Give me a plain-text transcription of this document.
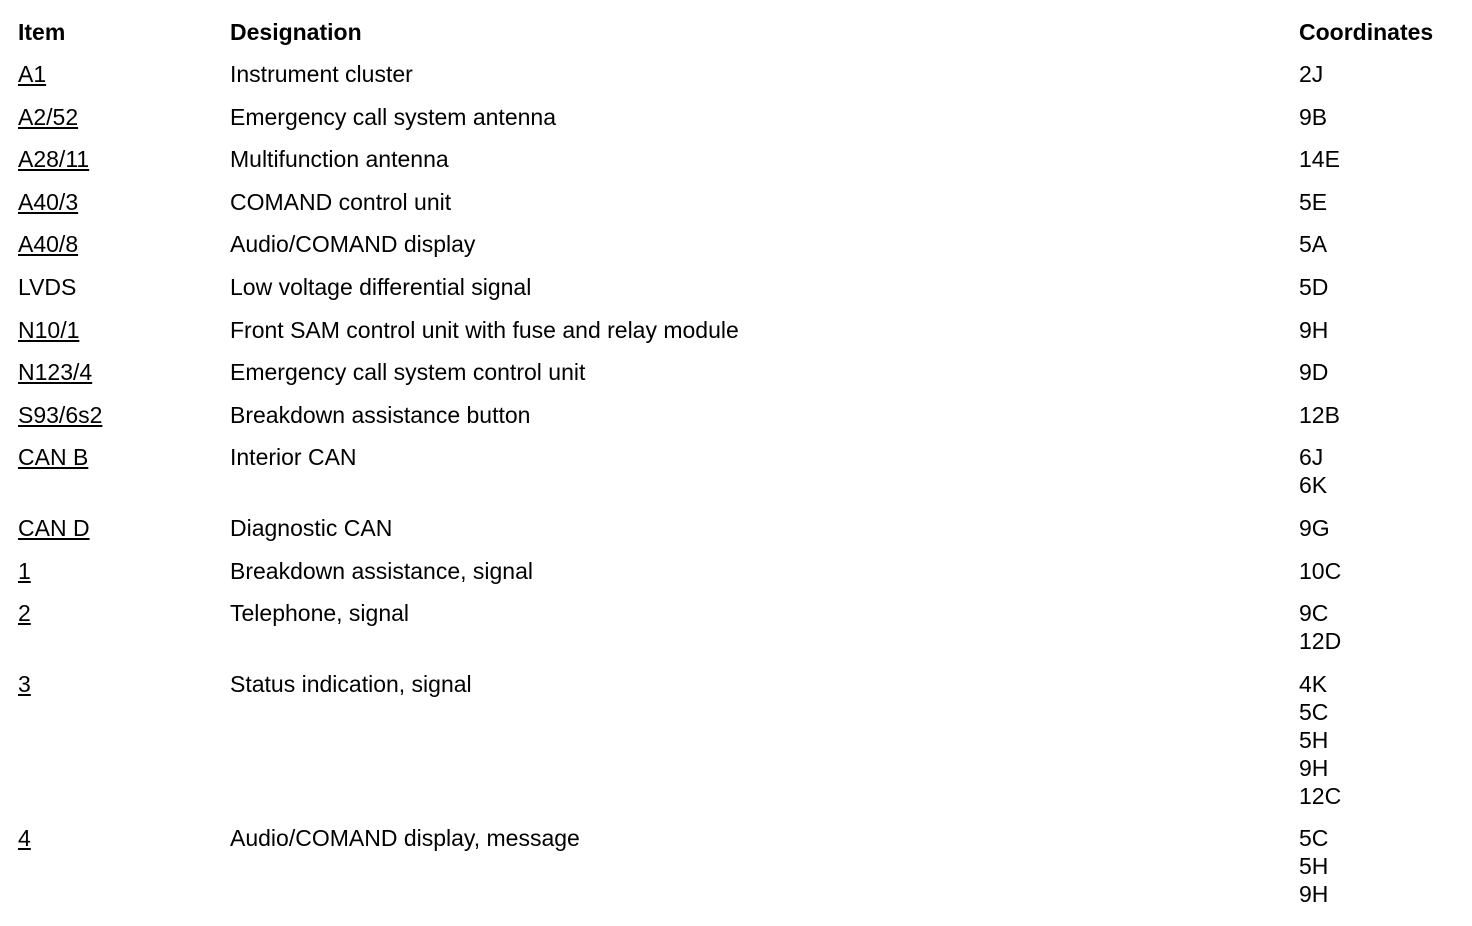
Item	Designation	Coordinates
A1	Instrument cluster	2J
A2/52	Emergency call system antenna	9B
A28/11	Multifunction antenna	14E
A40/3	COMAND control unit	5E
A40/8	Audio/COMAND display	5A
LVDS	Low voltage differential signal	5D
N10/1	Front SAM control unit with fuse and relay module	9H
N123/4	Emergency call system control unit	9D
S93/6s2	Breakdown assistance button	12B
CAN B	Interior CAN	6J
6K
CAN D	Diagnostic CAN	9G
1	Breakdown assistance, signal	10C
2	Telephone, signal	9C
12D
3	Status indication, signal	4K
5C
5H
9H
12C
4	Audio/COMAND display, message	5C
5H
9H
